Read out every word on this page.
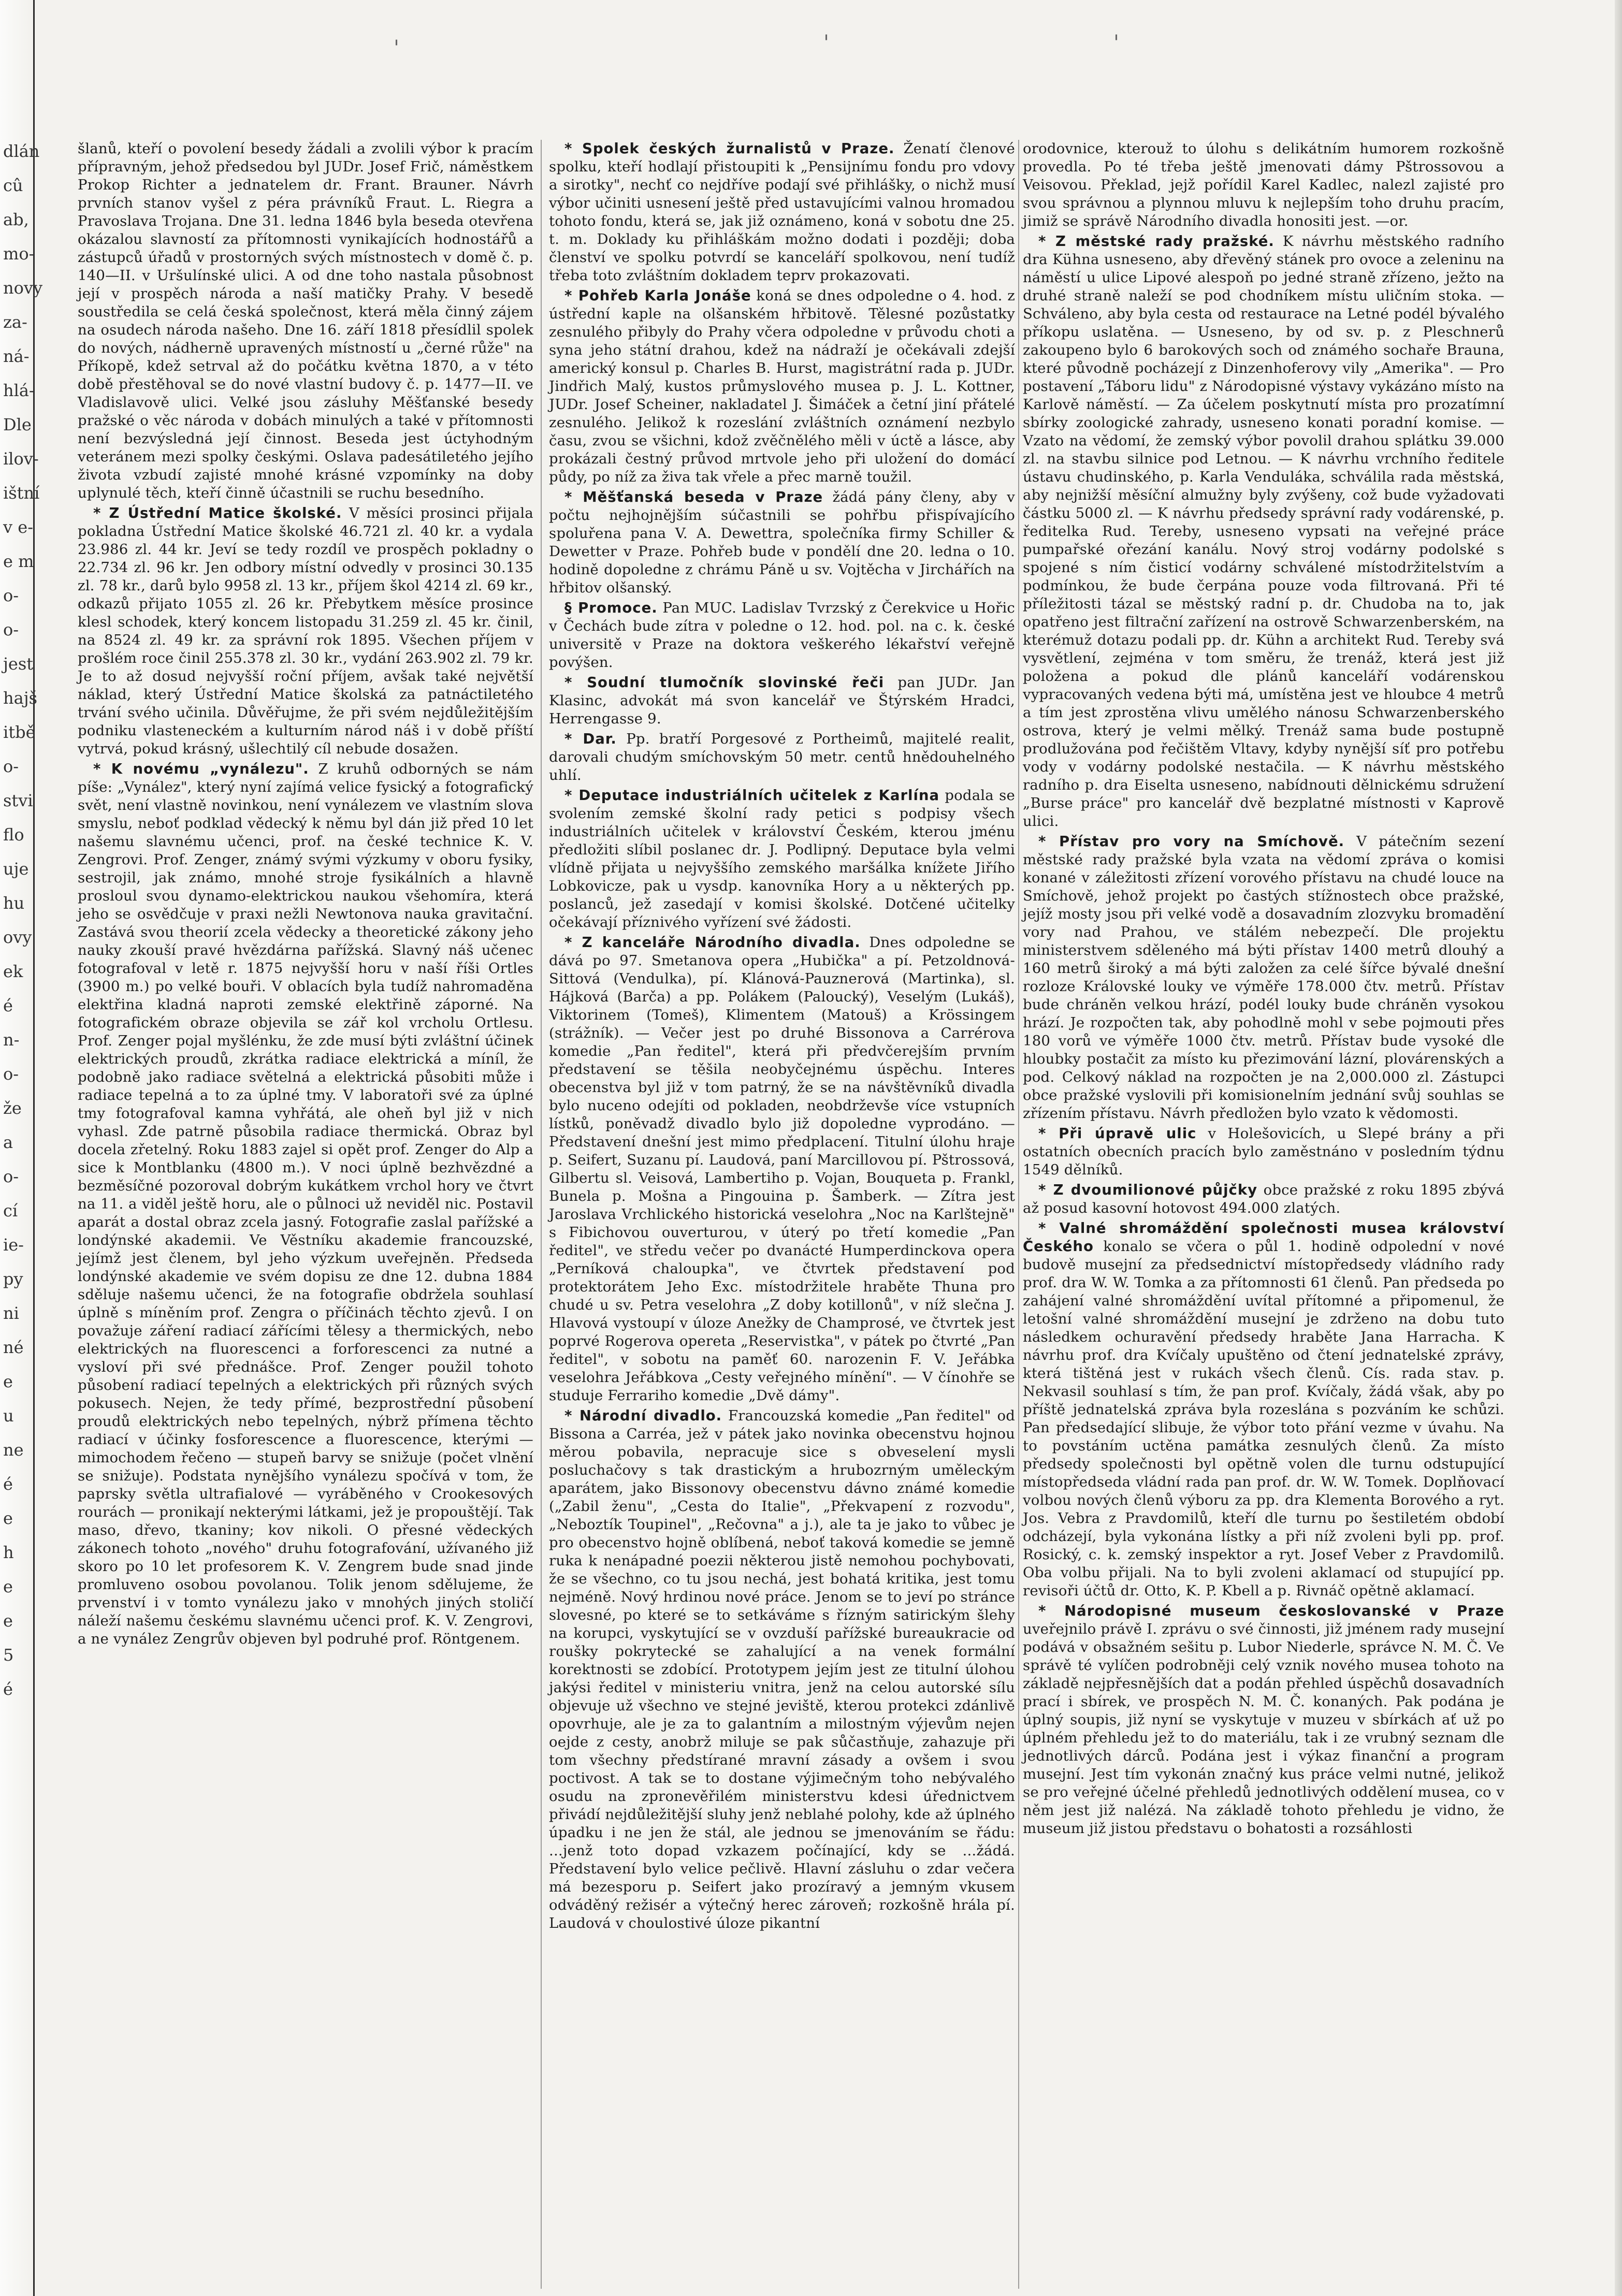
dlán
cû
ab,
mo-
novy
za-
ná-
hlá-
Dle
ilov-
ištní
v e-
e m
o-
o-
jest
hajš
itbě
o-
stvi
flo
uje
hu
ovy
ek
é
n-
o-
že
a
o-
cí
ie-
py
ni
né
e
u
ne
é
e
h
e
e
5
é

šlanů, kteří o povolení besedy žádali a zvolili výbor k pracím přípravným, jehož předsedou byl JUDr. Josef Frič, náměstkem Prokop Richter a jednatelem dr. Frant. Brauner. Návrh prvních stanov vyšel z péra právníků Fraut. L. Riegra a Pravoslava Trojana. Dne 31. ledna 1846 byla beseda otevřena okázalou slavností za přítomnosti vynikajících hodnostářů a zástupců úřadů v prostorných svých místnostech v domě č. p. 140—II. v Uršulínské ulici. A od dne toho nastala působnost její v prospěch národa a naší matičky Prahy. V besedě soustředila se celá česká společnost, která měla činný zájem na osudech národa našeho. Dne 16. září 1818 přesídlil spolek do nových, nádherně upravených místností u „černé růže" na Příkopě, kdež setrval až do počátku května 1870, a v této době přestěhoval se do nové vlastní budovy č. p. 1477—II. ve Vladislavově ulici. Velké jsou zásluhy Měšťanské besedy pražské o věc národa v dobách minulých a také v přítomnosti není bezvýsledná její činnost. Beseda jest úctyhodným veteránem mezi spolky českými. Oslava padesátiletého jejího života vzbudí zajisté mnohé krásné vzpomínky na doby uplynulé těch, kteří činně účastnili se ruchu besedního.

* Z Ústřední Matice školské. V měsíci prosinci přijala pokladna Ústřední Matice školské 46.721 zl. 40 kr. a vydala 23.986 zl. 44 kr. Jeví se tedy rozdíl ve prospěch pokladny o 22.734 zl. 96 kr. Jen odbory místní odvedly v prosinci 30.135 zl. 78 kr., darů bylo 9958 zl. 13 kr., příjem škol 4214 zl. 69 kr., odkazů přijato 1055 zl. 26 kr. Přebytkem měsíce prosince klesl schodek, který koncem listopadu 31.259 zl. 45 kr. činil, na 8524 zl. 49 kr. za správní rok 1895. Všechen příjem v prošlém roce činil 255.378 zl. 30 kr., vydání 263.902 zl. 79 kr. Je to až dosud nejvyšší roční příjem, avšak také největší náklad, který Ústřední Matice školská za patnáctiletého trvání svého učinila. Důvěřujme, že při svém nejdůležitějším podniku vlasteneckém a kulturním národ náš i v době příští vytrvá, pokud krásný, ušlechtilý cíl nebude dosažen.

* K novému „vynálezu". Z kruhů odborných se nám píše: „Vynález", který nyní zajímá velice fysický a fotografický svět, není vlastně novinkou, není vynálezem ve vlastním slova smyslu, neboť podklad vědecký k němu byl dán již před 10 let našemu slavnému učenci, prof. na české technice K. V. Zengrovi. Prof. Zenger, známý svými výzkumy v oboru fysiky, sestrojil, jak známo, mnohé stroje fysikálních a hlavně prosloul svou dynamo-elektrickou naukou všehomíra, která jeho se osvědčuje v praxi nežli Newtonova nauka gravitační. Zastává svou theorií zcela vědecky a theoretické zákony jeho nauky zkouší pravé hvězdárna pařížská. Slavný náš učenec fotografoval v letě r. 1875 nejvyšší horu v naší říši Ortles (3900 m.) po velké bouři. V oblacích byla tudíž nahromaděna elektřina kladná naproti zemské elektřině záporné. Na fotografickém obraze objevila se zář kol vrcholu Ortlesu. Prof. Zenger pojal myšlénku, že zde musí býti zvláštní účinek elektrických proudů, zkrátka radiace elektrická a míníl, že podobně jako radiace světelná a elektrická působiti může i radiace tepelná a to za úplné tmy. V laboratoři své za úplné tmy fotografoval kamna vyhřátá, ale oheň byl již v nich vyhasl. Zde patrně působila radiace thermická. Obraz byl docela zřetelný. Roku 1883 zajel si opět prof. Zenger do Alp a sice k Montblanku (4800 m.). V noci úplně bezhvězdné a bezměsíčné pozoroval dobrým kukátkem vrchol hory ve čtvrt na 11. a viděl ještě horu, ale o půlnoci už neviděl nic. Postavil aparát a dostal obraz zcela jasný. Fotografie zaslal pařížské a londýnské akademii. Ve Věstníku akademie francouzské, jejímž jest členem, byl jeho výzkum uveřejněn. Předseda londýnské akademie ve svém dopisu ze dne 12. dubna 1884 sděluje našemu učenci, že na fotografie obdržela souhlasí úplně s míněním prof. Zengra o příčinách těchto zjevů. I on považuje záření radiací zářícími tělesy a thermických, nebo elektrických na fluorescenci a forforescenci za nutné a vysloví při své přednášce. Prof. Zenger použil tohoto působení radiací tepelných a elektrických při různých svých pokusech. Nejen, že tedy přímé, bezprostřední působení proudů elektrických nebo tepelných, nýbrž přímena těchto radiací v účinky fosforescence a fluorescence, kterými — mimochodem řečeno — stupeň barvy se snižuje (počet vlnění se snižuje). Podstata nynějšího vynálezu spočívá v tom, že paprsky světla ultrafialové — vyráběného v Crookesových rourách — pronikají nekterými látkami, jež je propouštějí. Tak maso, dřevo, tkaniny; kov nikoli. O přesné vědeckých zákonech tohoto „nového" druhu fotografování, užívaného již skoro po 10 let profesorem K. V. Zengrem bude snad jinde promluveno osobou povolanou. Tolik jenom sdělujeme, že prvenství i v tomto vynálezu jako v mnohých jiných stoličí náleží našemu českému slavnému učenci prof. K. V. Zengrovi, a ne vynález Zengrův objeven byl podruhé prof. Röntgenem.

* Spolek českých žurnalistů v Praze. Ženatí členové spolku, kteří hodlají přistoupiti k „Pensijnímu fondu pro vdovy a sirotky", nechť co nejdříve podají své přihlášky, o nichž musí výbor učiniti usnesení ještě před ustavujícími valnou hromadou tohoto fondu, která se, jak již oznámeno, koná v sobotu dne 25. t. m. Doklady ku přihláškám možno dodati i později; doba členství ve spolku potvrdí se kanceláří spolkovou, není tudíž třeba toto zvláštním dokladem teprv prokazovati.

* Pohřeb Karla Jonáše koná se dnes odpoledne o 4. hod. z ústřední kaple na olšanském hřbitově. Tělesné pozůstatky zesnulého přibyly do Prahy včera odpoledne v průvodu choti a syna jeho státní drahou, kdež na nádraží je očekávali zdejší americký konsul p. Charles B. Hurst, magistrátní rada p. JUDr. Jindřich Malý, kustos průmyslového musea p. J. L. Kottner, JUDr. Josef Scheiner, nakladatel J. Šimáček a četní jiní přátelé zesnulého. Jelikož k rozeslání zvláštních oznámení nezbylo času, zvou se všichni, kdož zvěčnělého měli v úctě a lásce, aby prokázali čestný průvod mrtvole jeho při uložení do domácí půdy, po níž za živa tak vřele a přec marně toužil.

* Měšťanská beseda v Praze žádá pány členy, aby v počtu nejhojnějším súčastnili se pohřbu přispívajícího spoluřena pana V. A. Dewettra, společníka firmy Schiller & Dewetter v Praze. Pohřeb bude v pondělí dne 20. ledna o 10. hodině dopoledne z chrámu Páně u sv. Vojtěcha v Jirchářích na hřbitov olšanský.

§ Promoce. Pan MUC. Ladislav Tvrzský z Čerekvice u Hořic v Čechách bude zítra v poledne o 12. hod. pol. na c. k. české universitě v Praze na doktora veškerého lékařství veřejně povýšen.

* Soudní tlumočník slovinské řeči pan JUDr. Jan Klasinc, advokát má svon kancelář ve Štýrském Hradci, Herrengasse 9.

* Dar. Pp. bratří Porgesové z Portheimů, majitelé realit, darovali chudým smíchovským 50 metr. centů hnědouhelného uhlí.

* Deputace industriálních učitelek z Karlína podala se svolením zemské školní rady petici s podpisy všech industriálních učitelek v království Českém, kterou jménu předložiti slíbil poslanec dr. J. Podlipný. Deputace byla velmi vlídně přijata u nejvyššího zemského maršálka knížete Jiřího Lobkovicze, pak u vysdp. kanovníka Hory a u některých pp. poslanců, jež zasedají v komisi školské. Dotčené učitelky očekávají příznivého vyřízení své žádosti.

* Z kanceláře Národního divadla. Dnes odpoledne se dává po 97. Smetanova opera „Hubička" a pí. Petzoldnová-Sittová (Vendulka), pí. Klánová-Pauznerová (Martinka), sl. Hájková (Barča) a pp. Polákem (Paloucký), Veselým (Lukáš), Viktorinem (Tomeš), Klimentem (Matouš) a Krössingem (strážník). — Večer jest po druhé Bissonova a Carrérova komedie „Pan ředitel", která při předvčerejším prvním představení se těšila neobyčejnému úspěchu. Interes obecenstva byl již v tom patrný, že se na návštěvníků divadla bylo nuceno odejíti od pokladen, neobdrževše více vstupních lístků, poněvadž divadlo bylo již dopoledne vyprodáno. — Představení dnešní jest mimo předplacení. Titulní úlohu hraje p. Seifert, Suzanu pí. Laudová, paní Marcillovou pí. Pštrossová, Gilbertu sl. Veisová, Lambertiho p. Vojan, Bouqueta p. Frankl, Bunela p. Mošna a Pingouina p. Šamberk. — Zítra jest Jaroslava Vrchlického historická veselohra „Noc na Karlštejně" s Fibichovou ouverturou, v úterý po třetí komedie „Pan ředitel", ve středu večer po dvanácté Humperdinckova opera „Perníková chaloupka", ve čtvrtek představení pod protektorátem Jeho Exc. místodržitele hraběte Thuna pro chudé u sv. Petra veselohra „Z doby kotillonů", v níž slečna J. Hlavová vystoupí v úloze Anežky de Champrosé, ve čtvrtek jest poprvé Rogerova opereta „Reservistka", v pátek po čtvrté „Pan ředitel", v sobotu na paměť 60. narozenin F. V. Jeřábka veselohra Jeřábkova „Cesty veřejného mínění". — V čínohře se studuje Ferrariho komedie „Dvě dámy".

* Národní divadlo. Francouzská komedie „Pan ředitel" od Bissona a Carréa, jež v pátek jako novinka obecenstvu hojnou měrou pobavila, nepracuje sice s obveselení mysli posluchačovy s tak drastickým a hrubozrným uměleckým aparátem, jako Bissonovy obecenstvu dávno známé komedie („Zabil ženu", „Cesta do Italie", „Překvapení z rozvodu", „Neboztík Toupinel", „Rečovna" a j.), ale ta je jako to vůbec je pro obecenstvo hojně oblíbená, neboť taková komedie se jemně ruka k nenápadné poezii některou jistě nemohou pochybovati, že se všechno, co tu jsou nechá, jest bohatá kritika, jest tomu nejméně. Nový hrdinou nové práce. Jenom se to jeví po stránce slovesné, po které se to setkáváme s řízným satirickým šlehy na korupci, vyskytující se v ovzduší pařížské bureaukracie od roušky pokrytecké se zahalující a na venek formální korektnosti se zdobící. Prototypem jejím jest ze titulní úlohou jakýsi ředitel v ministeriu vnitra, jenž na celou autorské sílu objevuje už všechno ve stejné jeviště, kterou protekci zdánlivě opovrhuje, ale je za to galantním a milostným výjevům nejen oejde z cesty, anobrž miluje se pak sůčastňuje, zahazuje při tom všechny předstírané mravní zásady a ovšem i svou poctivost. A tak se to dostane výjimečným toho nebývalého osudu na zpronevěřilém ministerstvu kdesi úřednictvem přivádí nejdůležitější sluhy jenž neblahé polohy, kde až úplného úpadku i ne jen že stál, ale jednou se jmenováním se řádu: ...jenž toto dopad vzkazem počínající, kdy se ...žádá. Představení bylo velice pečlivě. Hlavní zásluhu o zdar večera má bezesporu p. Seifert jako prozíravý a jemným vkusem odváděný režisér a výtečný herec zároveň; rozkošně hrála pí. Laudová v choulostivé úloze pikantní

orodovnice, kterouž to úlohu s delikátním humorem rozkošně provedla. Po té třeba ještě jmenovati dámy Pštrossovou a Veisovou. Překlad, jejž pořídil Karel Kadlec, nalezl zajisté pro svou správnou a plynnou mluvu k nejlepším toho druhu pracím, jimiž se správě Národního divadla honositi jest. —or.

* Z městské rady pražské. K návrhu městského radního dra Kühna usneseno, aby dřevěný stánek pro ovoce a zeleninu na náměstí u ulice Lipové alespoň po jedné straně zřízeno, ježto na druhé straně naleží se pod chodníkem místu uličním stoka. — Schváleno, aby byla cesta od restaurace na Letné podél bývalého příkopu uslatěna. — Usneseno, by od sv. p. z Pleschnerů zakoupeno bylo 6 barokových soch od známého sochaře Brauna, které původně pocházejí z Dinzenhoferovy vily „Amerika". — Pro postavení „Táboru lidu" z Národopisné výstavy vykázáno místo na Karlově náměstí. — Za účelem poskytnutí místa pro prozatímní sbírky zoologické zahrady, usneseno konati poradní komise. — Vzato na vědomí, že zemský výbor povolil drahou splátku 39.000 zl. na stavbu silnice pod Letnou. — K návrhu vrchního ředitele ústavu chudinského, p. Karla Venduláka, schválila rada městská, aby nejnižší měsíční almužny byly zvýšeny, což bude vyžadovati částku 5000 zl. — K návrhu předsedy správní rady vodárenské, p. ředitelka Rud. Tereby, usneseno vypsati na veřejné práce pumpařské ořezání kanálu. Nový stroj vodárny podolské s spojené s ním čisticí vodárny schválené místodržitelstvím a podmínkou, že bude čerpána pouze voda filtrovaná. Při té příležitosti tázal se městský radní p. dr. Chudoba na to, jak opatřeno jest filtrační zařízení na ostrově Schwarzenberském, na kterémuž dotazu podali pp. dr. Kühn a architekt Rud. Tereby svá vysvětlení, zejména v tom směru, že trenáž, která jest již položena a pokud dle plánů kanceláří vodárenskou vypracovaných vedena býti má, umístěna jest ve hloubce 4 metrů a tím jest zprostěna vlivu umělého nánosu Schwarzenberského ostrova, který je velmi mělký. Trenáž sama bude postupně prodlužována pod řečištěm Vltavy, kdyby nynější síť pro potřebu vody v vodárny podolské nestačila. — K návrhu městského radního p. dra Eiselta usneseno, nabídnouti dělnickému sdružení „Burse práce" pro kancelář dvě bezplatné místnosti v Kaprově ulici.

* Přístav pro vory na Smíchově. V pátečním sezení městské rady pražské byla vzata na vědomí zpráva o komisi konané v záležitosti zřízení vorového přístavu na chudé louce na Smíchově, jehož projekt po častých stížnostech obce pražské, jejíž mosty jsou při velké vodě a dosavadním zlozvyku bromadění vory nad Prahou, ve stálém nebezpečí. Dle projektu ministerstvem sděleného má býti přístav 1400 metrů dlouhý a 160 metrů široký a má býti založen za celé šířce bývalé dnešní rozloze Královské louky ve výměře 178.000 čtv. metrů. Přístav bude chráněn velkou hrází, podél louky bude chráněn vysokou hrází. Je rozpočten tak, aby pohodlně mohl v sebe pojmouti přes 180 vorů ve výměře 1000 čtv. metrů. Přístav bude vysoké dle hloubky postačit za místo ku přezimování lázní, plovárenských a pod. Celkový náklad na rozpočten je na 2,000.000 zl. Zástupci obce pražské vyslovili při komisionelním jednání svůj souhlas se zřízením přístavu. Návrh předložen bylo vzato k vědomosti.

* Při úpravě ulic v Holešovicích, u Slepé brány a při ostatních obecních pracích bylo zaměstnáno v posledním týdnu 1549 dělníků.

* Z dvoumilionové půjčky obce pražské z roku 1895 zbývá až posud kasovní hotovost 494.000 zlatých.

* Valné shromáždění společnosti musea království Českého konalo se včera o půl 1. hodině odpolední v nové budově musejní za předsednictví místopředsedy vládního rady prof. dra W. W. Tomka a za přítomnosti 61 členů. Pan předseda po zahájení valné shromáždění uvítal přítomné a připomenul, že letošní valné shromáždění musejní je zdrženo na dobu tuto následkem ochuravění předsedy hraběte Jana Harracha. K návrhu prof. dra Kvíčaly upuštěno od čtení jednatelské zprávy, která tištěná jest v rukách všech členů. Cís. rada stav. p. Nekvasil souhlasí s tím, že pan prof. Kvíčaly, žádá však, aby po příště jednatelská zpráva byla rozeslána s pozváním ke schůzi. Pan předsedající slibuje, že výbor toto přání vezme v úvahu. Na to povstáním uctěna památka zesnulých členů. Za místo předsedy společnosti byl opětně volen dle turnu odstupující místopředseda vládní rada pan prof. dr. W. W. Tomek. Doplňovací volbou nových členů výboru za pp. dra Klementa Borového a ryt. Jos. Vebra z Pravdomilů, kteří dle turnu po šestiletém období odcházejí, byla vykonána lístky a při níž zvoleni byli pp. prof. Rosický, c. k. zemský inspektor a ryt. Josef Veber z Pravdomilů. Oba volbu přijali. Na to byli zvoleni aklamací od stupující pp. revisoři účtů dr. Otto, K. P. Kbell a p. Rivnáč opětně aklamací.

* Národopisné museum českoslovanské v Praze uveřejnilo právě I. zprávu o své činnosti, již jménem rady musejní podává v obsažném sešitu p. Lubor Niederle, správce N. M. Č. Ve správě té vylíčen podrobněji celý vznik nového musea tohoto na základě nejpřesnějších dat a podán přehled úspěchů dosavadních prací i sbírek, ve prospěch N. M. Č. konaných. Pak podána je úplný soupis, již nyní se vyskytuje v muzeu v sbírkách ať už po úplném přehledu jež to do materiálu, tak i ze vrubný seznam dle jednotlivých dárců. Podána jest i výkaz finanční a program musejní. Jest tím vykonán značný kus práce velmi nutné, jelikož se pro veřejné účelné přehledů jednotlivých oddělení musea, co v něm jest již nalézá. Na základě tohoto přehledu je vidno, že museum již jistou představu o bohatosti a rozsáhlosti

'	'	'
